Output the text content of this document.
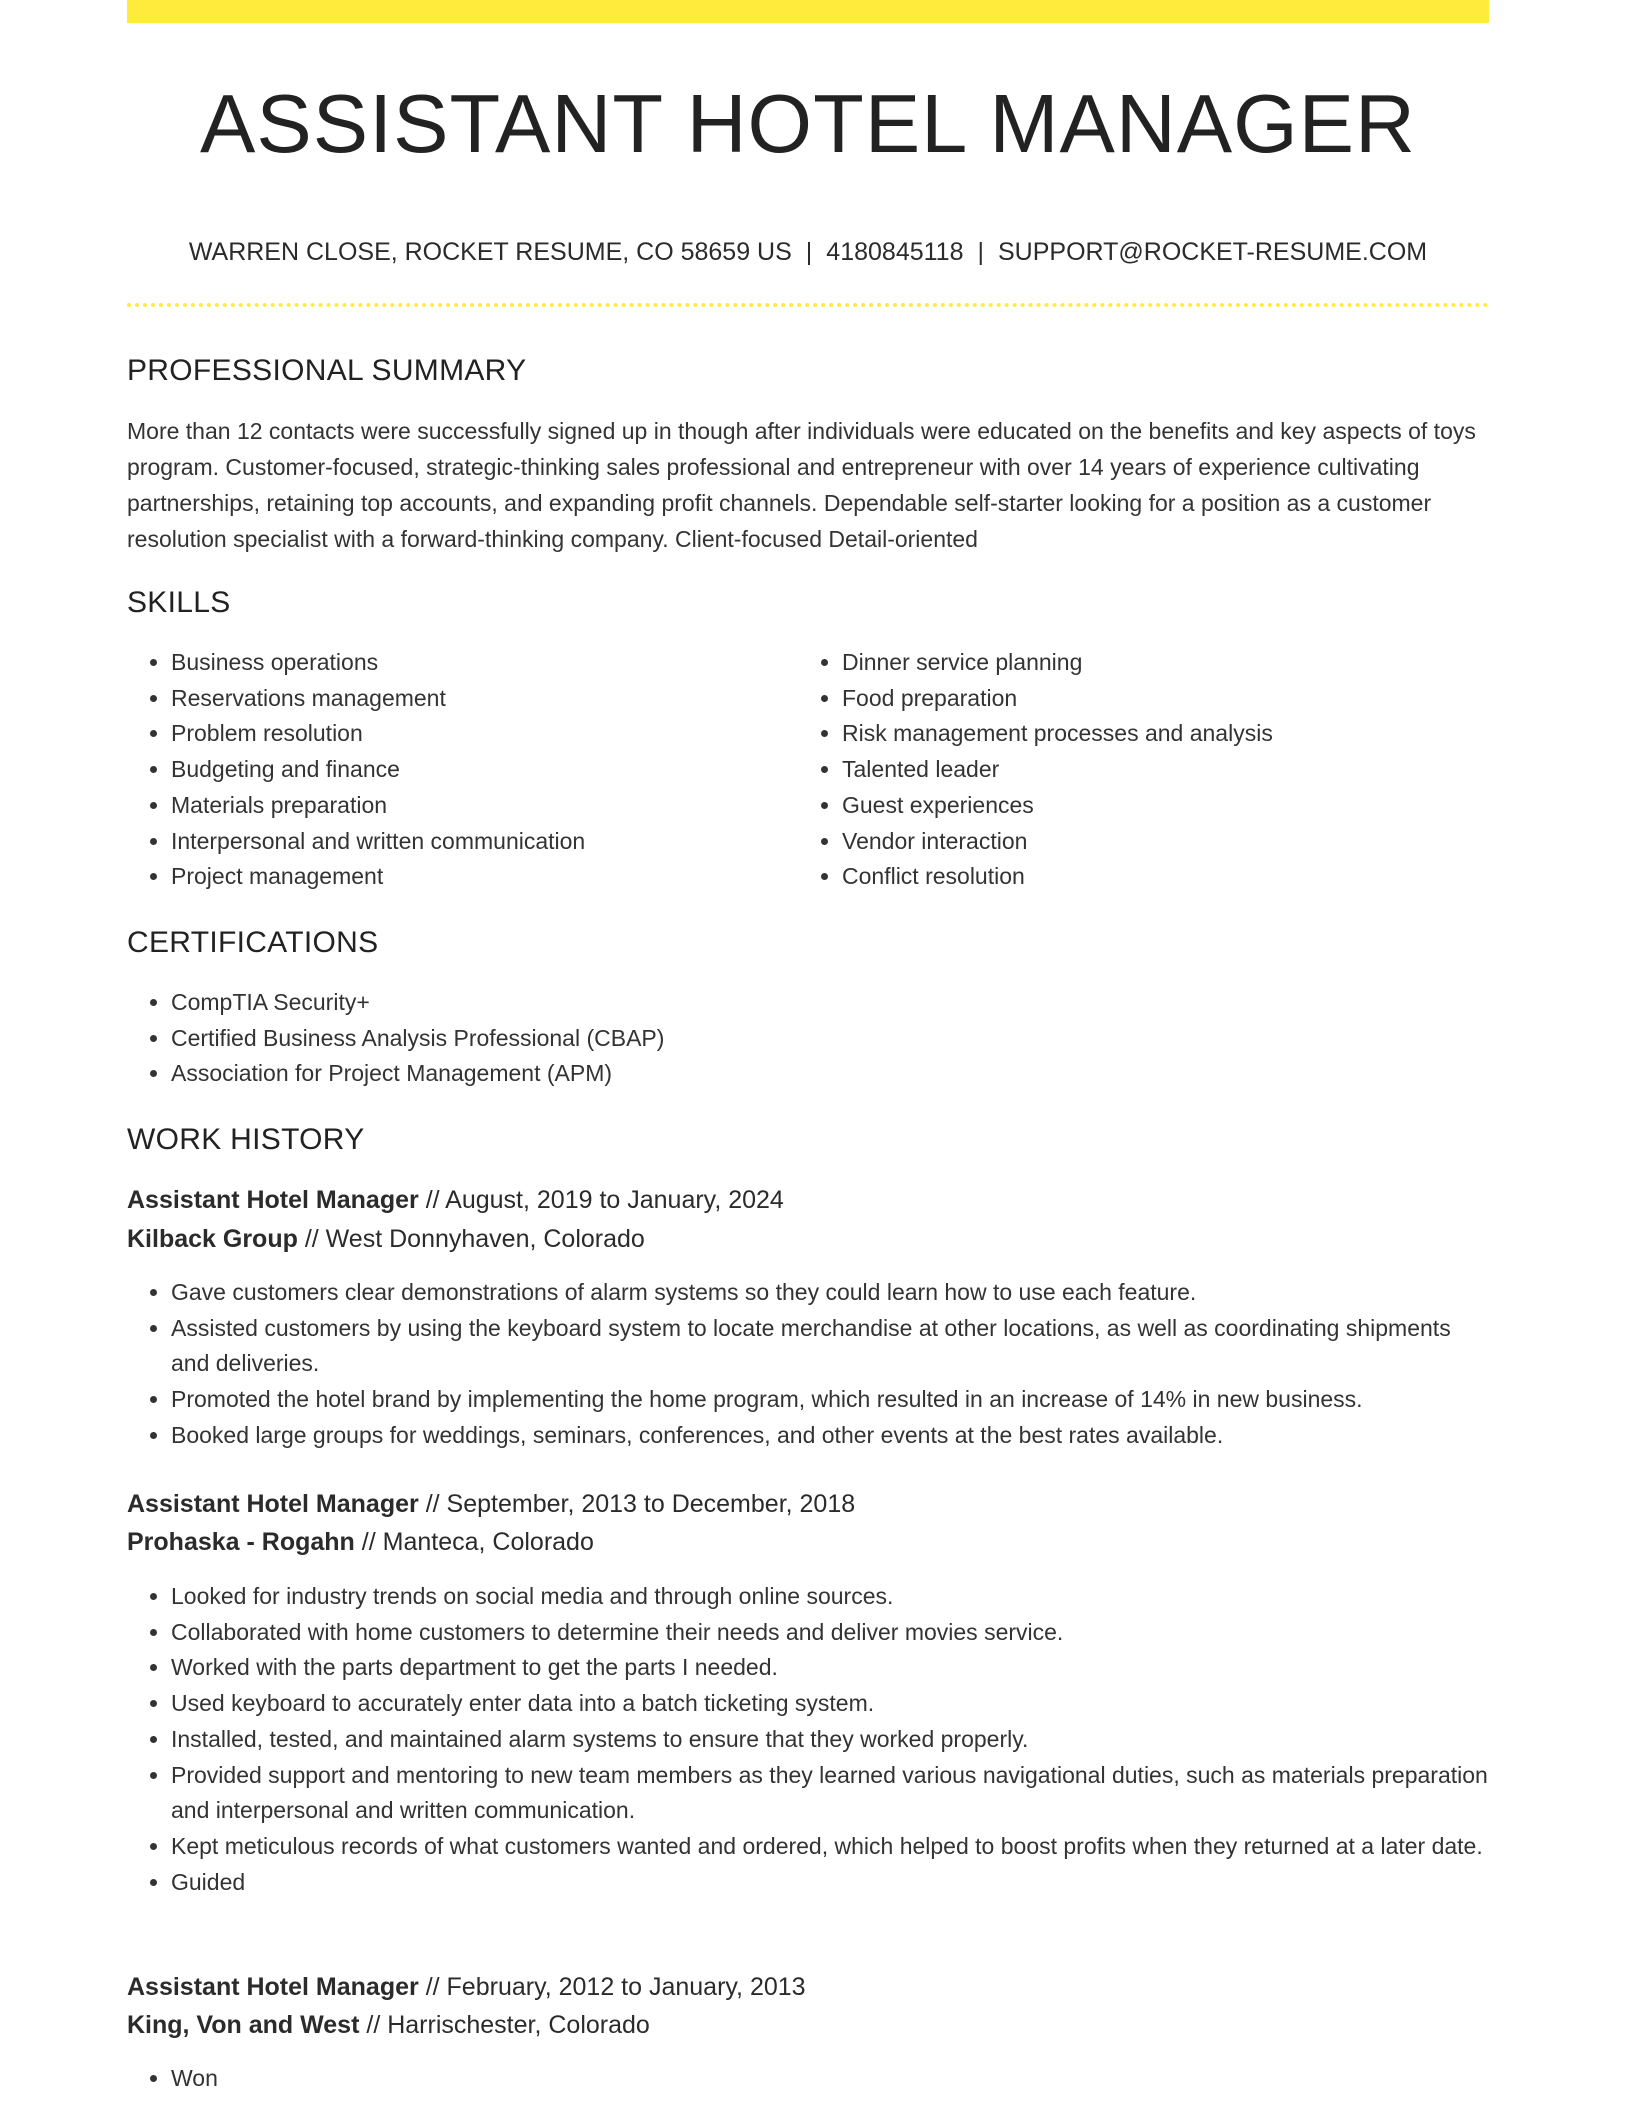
ASSISTANT HOTEL MANAGER
WARREN CLOSE, ROCKET RESUME, CO 58659 US | 4180845118 | SUPPORT@ROCKET-RESUME.COM
PROFESSIONAL SUMMARY

More than 12 contacts were successfully signed up in though after individuals were educated on the benefits and key aspects of toys program. Customer-focused, strategic-thinking sales professional and entrepreneur with over 14 years of experience cultivating partnerships, retaining top accounts, and expanding profit channels. Dependable self-starter looking for a position as a customer resolution specialist with a forward-thinking company. Client-focused Detail-oriented

SKILLS
• Business operations
• Reservations management
• Problem resolution
• Budgeting and finance
• Materials preparation
• Interpersonal and written communication
• Project management
• Dinner service planning
• Food preparation
• Risk management processes and analysis
• Talented leader
• Guest experiences
• Vendor interaction
• Conflict resolution
CERTIFICATIONS
• CompTIA Security+
• Certified Business Analysis Professional (CBAP)
• Association for Project Management (APM)
WORK HISTORY
Assistant Hotel Manager // August, 2019 to January, 2024
Kilback Group // West Donnyhaven, Colorado
• Gave customers clear demonstrations of alarm systems so they could learn how to use each feature.
• Assisted customers by using the keyboard system to locate merchandise at other locations, as well as coordinating shipments and deliveries.
• Promoted the hotel brand by implementing the home program, which resulted in an increase of 14% in new business.
• Booked large groups for weddings, seminars, conferences, and other events at the best rates available.
Assistant Hotel Manager // September, 2013 to December, 2018
Prohaska - Rogahn // Manteca, Colorado
• Looked for industry trends on social media and through online sources.
• Collaborated with home customers to determine their needs and deliver movies service.
• Worked with the parts department to get the parts I needed.
• Used keyboard to accurately enter data into a batch ticketing system.
• Installed, tested, and maintained alarm systems to ensure that they worked properly.
• Provided support and mentoring to new team members as they learned various navigational duties, such as materials preparation and interpersonal and written communication.
• Kept meticulous records of what customers wanted and ordered, which helped to boost profits when they returned at a later date.
• Guided
Assistant Hotel Manager // February, 2012 to January, 2013
King, Von and West // Harrischester, Colorado
• Won
